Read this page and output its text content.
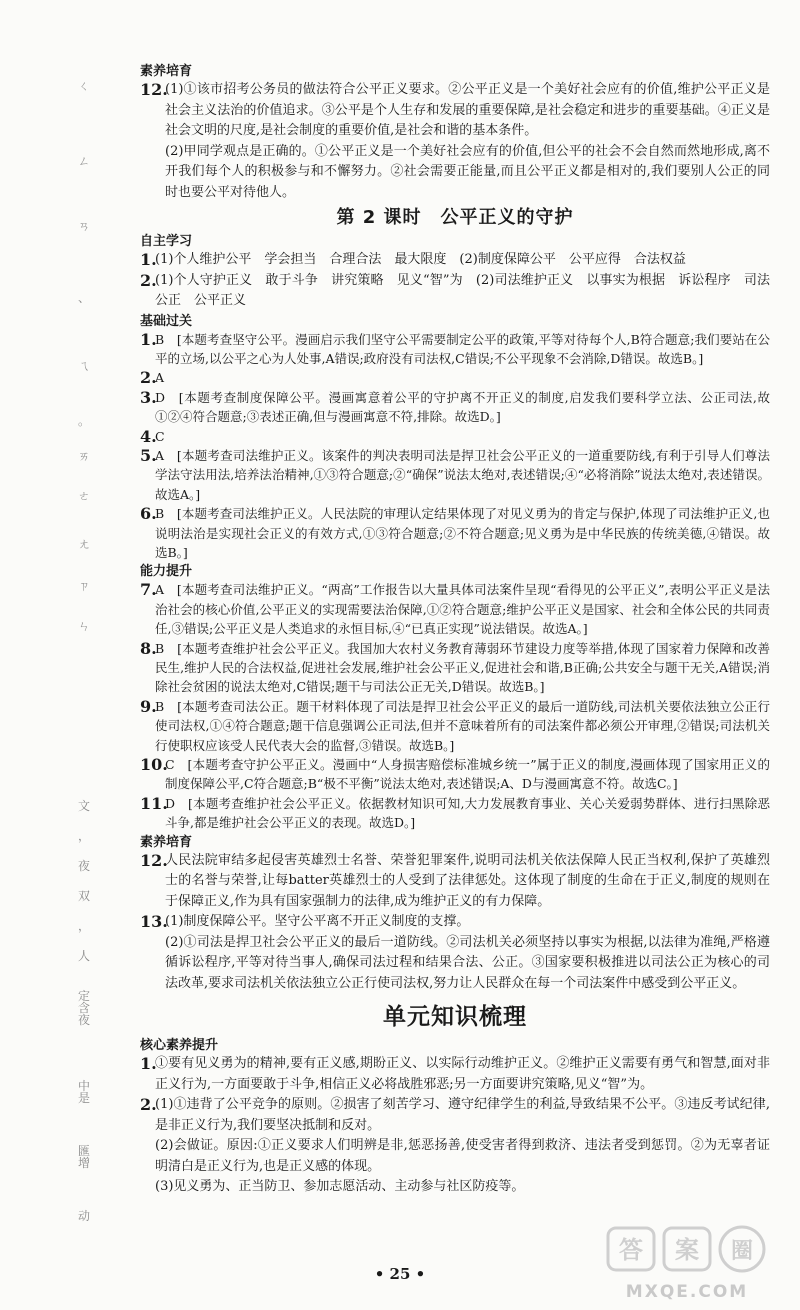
ㄑ
ㄥ
ㄢ
、
ㄟ
。
ㄞ
ㄜ
ㄤ
ㄗ
ㄣ
文
，
夜
双
，
人
定含夜
中是
匯增
动
素养培育
12 . (1)①该市招考公务员的做法符合公平正义要求。②公平正义是一个美好社会应有的价值,维护公平正义是社会主义法治的价值追求。③公平是个人生存和发展的重要保障,是社会稳定和进步的重要基础。④正义是社会文明的尺度,是社会制度的重要价值,是社会和谐的基本条件。

(2)甲同学观点是正确的。①公平正义是一个美好社会应有的价值,但公平的社会不会自然而然地形成,离不开我们每个人的积极参与和不懈努力。②社会需要正能量,而且公平正义都是相对的,我们要别人公正的同时也要公平对待他人。

第 2 课时　公平正义的守护
自主学习
1 . (1)个人维护公平　学会担当　合理合法　最大限度　(2)制度保障公平　公平应得　合法权益

2 . (1)个人守护正义　敢于斗争　讲究策略　见义“智”为　(2)司法维护正义　以事实为根据　诉讼程序　司法公正　公平正义

基础过关
1 . B　[本题考查坚守公平。漫画启示我们坚守公平需要制定公平的政策,平等对待每个人,B符合题意;我们要站在公平的立场,以公平之心为人处事,A错误;政府没有司法权,C错误;不公平现象不会消除,D错误。故选B。]

2 . A

3 . D　[本题考查制度保障公平。漫画寓意着公平的守护离不开正义的制度,启发我们要科学立法、公正司法,故①②④符合题意;③表述正确,但与漫画寓意不符,排除。故选D。]

4 . C

5 . A　[本题考查司法维护正义。该案件的判决表明司法是捍卫社会公平正义的一道重要防线,有利于引导人们尊法学法守法用法,培养法治精神,①③符合题意;②“确保”说法太绝对,表述错误;④“必将消除”说法太绝对,表述错误。故选A。]

6 . B　[本题考查司法维护正义。人民法院的审理认定结果体现了对见义勇为的肯定与保护,体现了司法维护正义,也说明法治是实现社会正义的有效方式,①③符合题意;②不符合题意;见义勇为是中华民族的传统美德,④错误。故选B。]

能力提升
7 . A　[本题考查司法维护正义。“两高”工作报告以大量具体司法案件呈现“看得见的公平正义”,表明公平正义是法治社会的核心价值,公平正义的实现需要法治保障,①②符合题意;维护公平正义是国家、社会和全体公民的共同责任,③错误;公平正义是人类追求的永恒目标,④“已真正实现”说法错误。故选A。]

8 . B　[本题考查维护社会公平正义。我国加大农村义务教育薄弱环节建设力度等举措,体现了国家着力保障和改善民生,维护人民的合法权益,促进社会发展,维护社会公平正义,促进社会和谐,B正确;公共安全与题干无关,A错误;消除社会贫困的说法太绝对,C错误;题干与司法公正无关,D错误。故选B。]

9 . B　[本题考查司法公正。题干材料体现了司法是捍卫社会公平正义的最后一道防线,司法机关要依法独立公正行使司法权,①④符合题意;题干信息强调公正司法,但并不意味着所有的司法案件都必须公开审理,②错误;司法机关行使职权应该受人民代表大会的监督,③错误。故选B。]

10 . C　[本题考查守护公平正义。漫画中“人身损害赔偿标准城乡统一”属于正义的制度,漫画体现了国家用正义的制度保障公平,C符合题意;B“极不平衡”说法太绝对,表述错误;A、D与漫画寓意不符。故选C。]

11 . D　[本题考查维护社会公平正义。依据教材知识可知,大力发展教育事业、关心关爱弱势群体、进行扫黑除恶斗争,都是维护社会公平正义的表现。故选D。]

素养培育
12 . 人民法院审结多起侵害英雄烈士名誉、荣誉犯罪案件,说明司法机关依法保障人民正当权利,保护了英雄烈士的名誉与荣誉,让每batter英雄烈士的人受到了法律惩处。这体现了制度的生命在于正义,制度的规则在于保障正义,作为具有国家强制力的法律,成为维护正义的有力保障。

13 . (1)制度保障公平。坚守公平离不开正义制度的支撑。

(2)①司法是捍卫社会公平正义的最后一道防线。②司法机关必须坚持以事实为根据,以法律为准绳,严格遵循诉讼程序,平等对待当事人,确保司法过程和结果合法、公正。③国家要积极推进以司法公正为核心的司法改革,要求司法机关依法独立公正行使司法权,努力让人民群众在每一个司法案件中感受到公平正义。

单元知识梳理
核心素养提升
1 . ①要有见义勇为的精神,要有正义感,期盼正义、以实际行动维护正义。②维护正义需要有勇气和智慧,面对非正义行为,一方面要敢于斗争,相信正义必将战胜邪恶;另一方面要讲究策略,见义“智”为。

2 . (1)①违背了公平竞争的原则。②损害了刻苦学习、遵守纪律学生的利益,导致结果不公平。③违反考试纪律,是非正义行为,我们要坚决抵制和反对。

(2)会做证。原因:①正义要求人们明辨是非,惩恶扬善,使受害者得到救济、违法者受到惩罚。②为无辜者证明清白是正义行为,也是正义感的体现。

(3)见义勇为、正当防卫、参加志愿活动、主动参与社区防疫等。

• 25 •
答 案 圈
MXQE.COM
